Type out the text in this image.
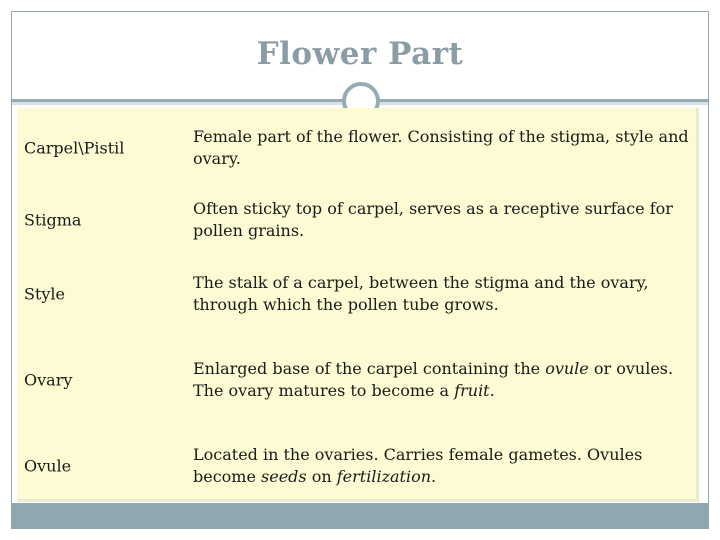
Flower Part
Carpel\Pistil
Female part of the flower. Consisting of the stigma, style and ovary.
Stigma
Often sticky top of carpel, serves as a receptive surface for pollen grains.
Style
The stalk of a carpel, between the stigma and the ovary, through which the pollen tube grows.
Ovary
Enlarged base of the carpel containing the ovule or ovules. The ovary matures to become a fruit.
Ovule
Located in the ovaries. Carries female gametes. Ovules become seeds on fertilization.
